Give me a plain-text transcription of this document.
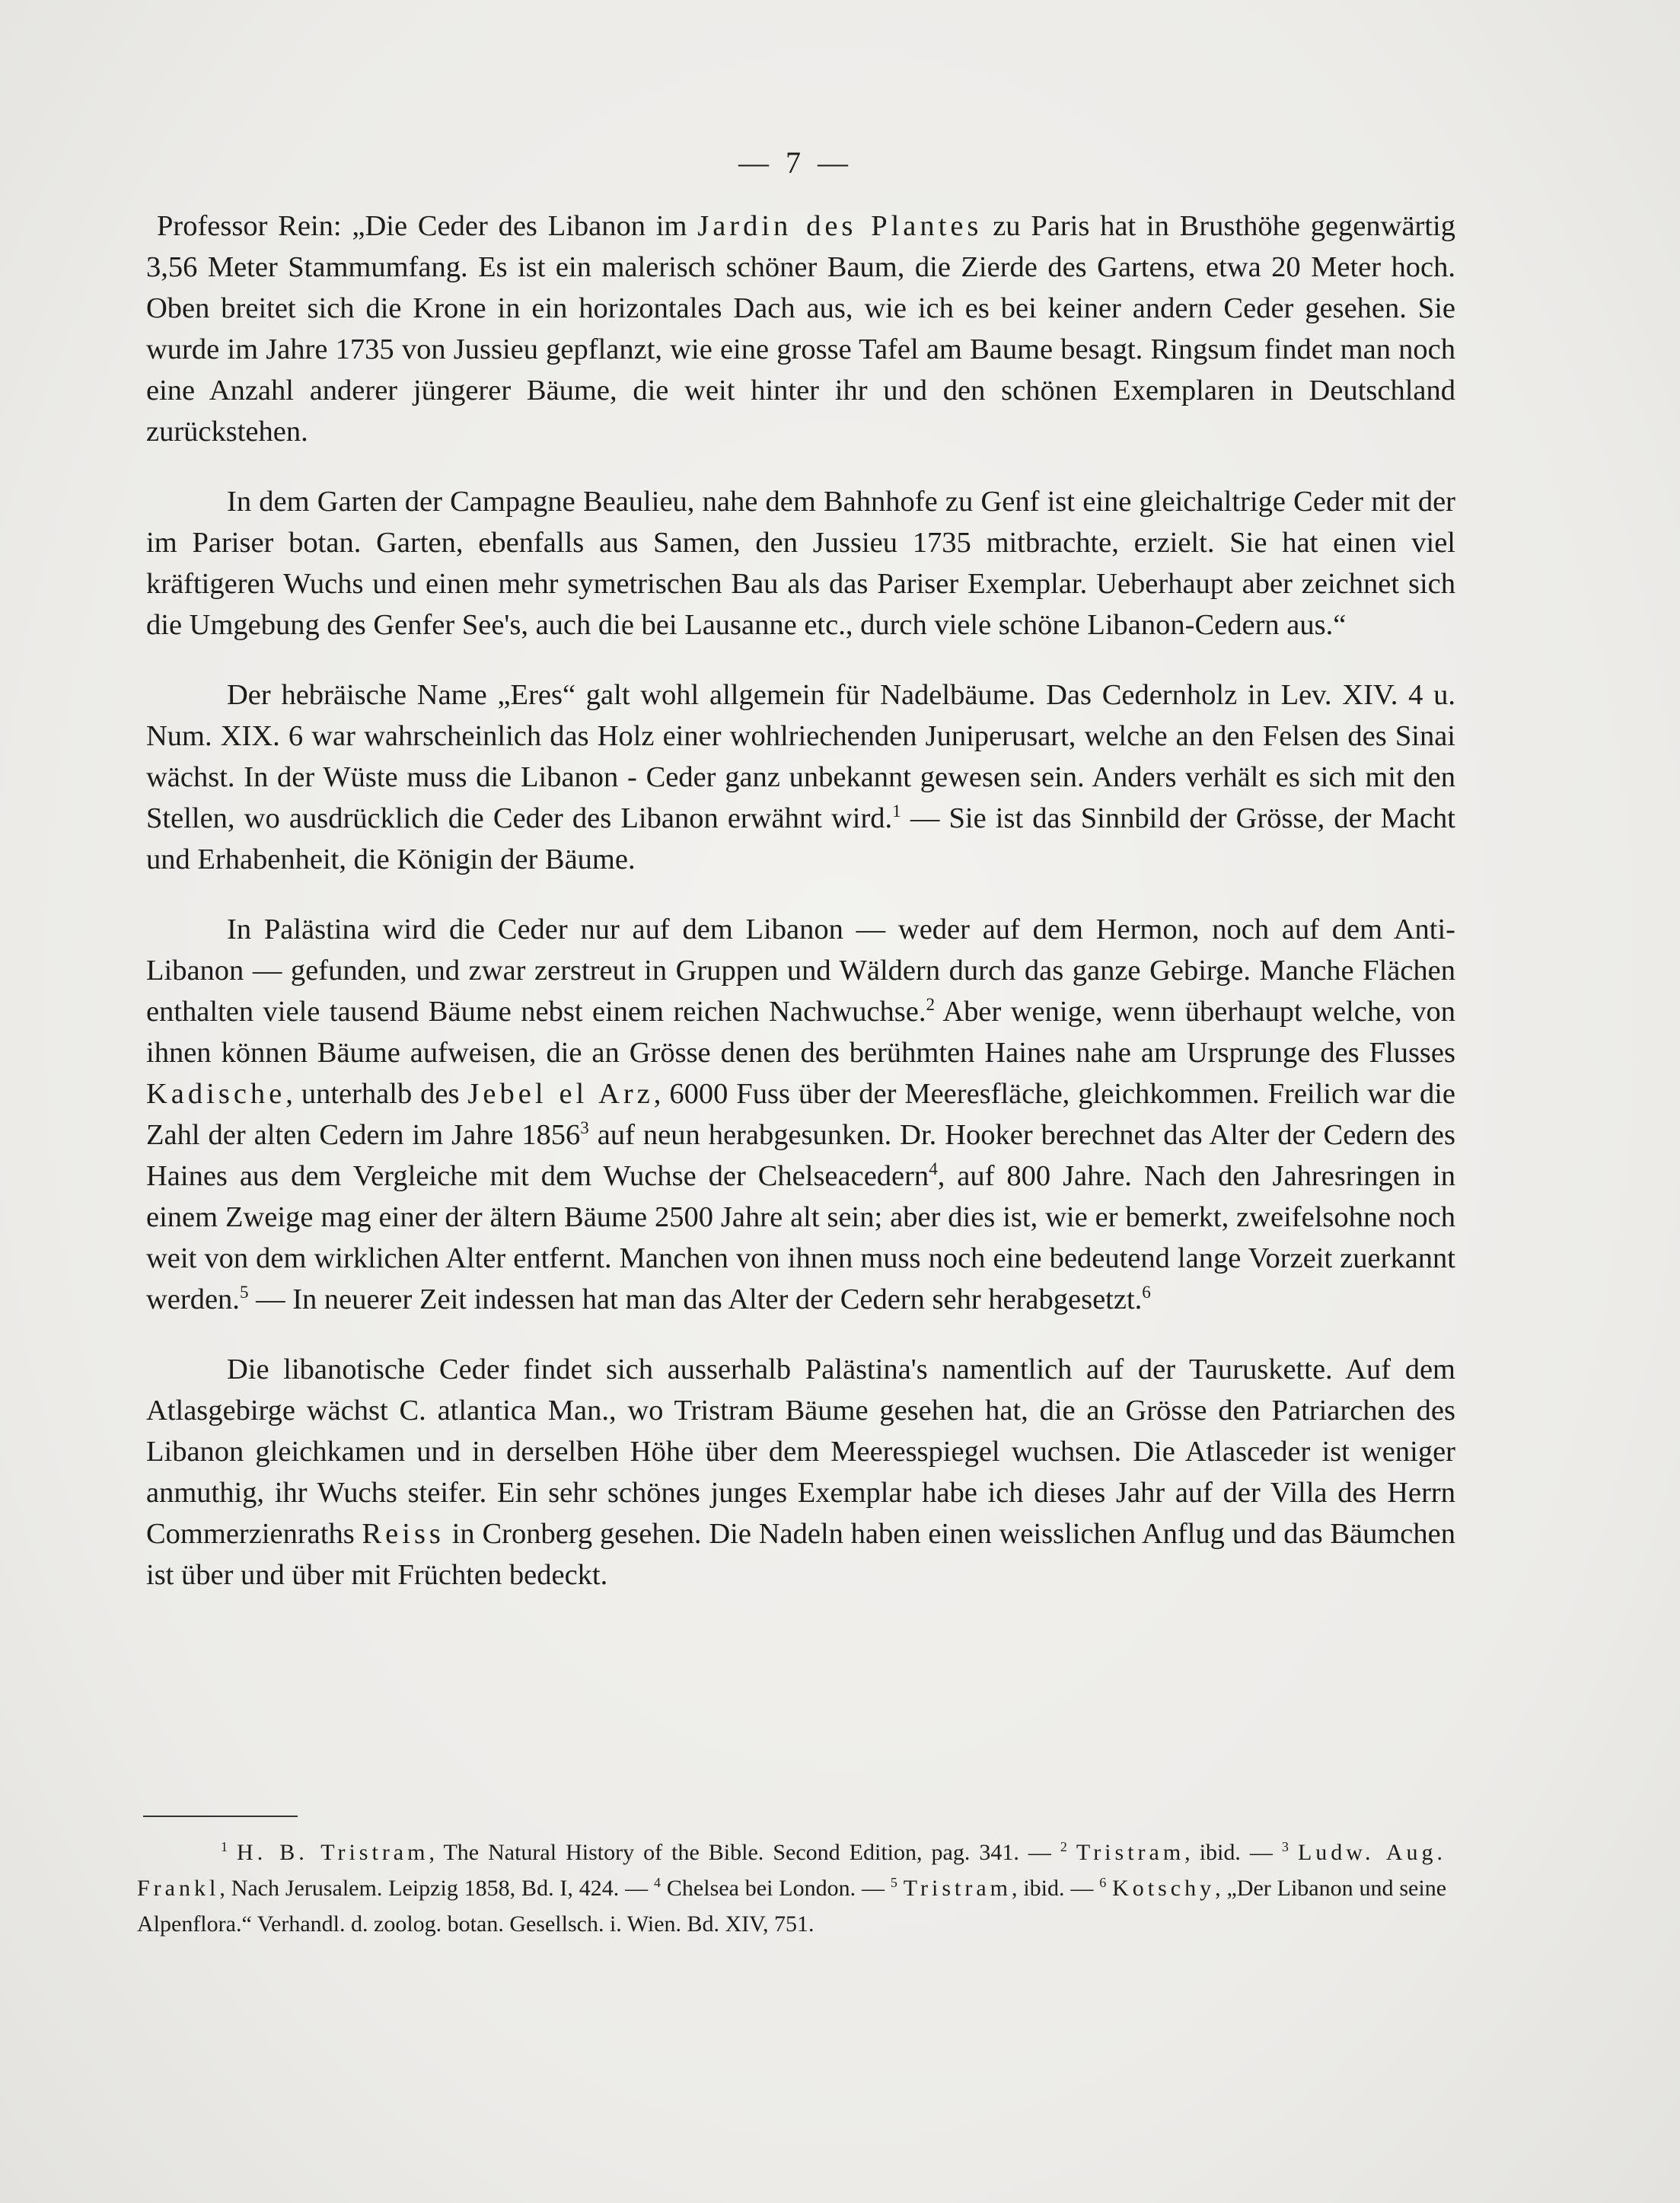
— 7 —

Professor Rein: „Die Ceder des Libanon im Jardin des Plantes zu Paris hat in Brusthöhe gegenwärtig 3,56 Meter Stammumfang. Es ist ein malerisch schöner Baum, die Zierde des Gartens, etwa 20 Meter hoch. Oben breitet sich die Krone in ein horizontales Dach aus, wie ich es bei keiner andern Ceder gesehen. Sie wurde im Jahre 1735 von Jussieu gepflanzt, wie eine grosse Tafel am Baume besagt. Ringsum findet man noch eine Anzahl anderer jüngerer Bäume, die weit hinter ihr und den schönen Exemplaren in Deutschland zurückstehen.

In dem Garten der Campagne Beaulieu, nahe dem Bahnhofe zu Genf ist eine gleichaltrige Ceder mit der im Pariser botan. Garten, ebenfalls aus Samen, den Jussieu 1735 mitbrachte, erzielt. Sie hat einen viel kräftigeren Wuchs und einen mehr symetrischen Bau als das Pariser Exemplar. Ueberhaupt aber zeichnet sich die Umgebung des Genfer See's, auch die bei Lausanne etc., durch viele schöne Libanon-Cedern aus.“

Der hebräische Name „Eres“ galt wohl allgemein für Nadelbäume. Das Cedernholz in Lev. XIV. 4 u. Num. XIX. 6 war wahrscheinlich das Holz einer wohlriechenden Juniperusart, welche an den Felsen des Sinai wächst. In der Wüste muss die Libanon - Ceder ganz unbekannt gewesen sein. Anders verhält es sich mit den Stellen, wo ausdrücklich die Ceder des Libanon erwähnt wird.$^1$ — Sie ist das Sinnbild der Grösse, der Macht und Erhabenheit, die Königin der Bäume.

In Palästina wird die Ceder nur auf dem Libanon — weder auf dem Hermon, noch auf dem Anti-Libanon — gefunden, und zwar zerstreut in Gruppen und Wäldern durch das ganze Gebirge. Manche Flächen enthalten viele tausend Bäume nebst einem reichen Nachwuchse.$^2$ Aber wenige, wenn überhaupt welche, von ihnen können Bäume aufweisen, die an Grösse denen des berühmten Haines nahe am Ursprunge des Flusses Kadische, unterhalb des Jebel el Arz, 6000 Fuss über der Meeresfläche, gleichkommen. Freilich war die Zahl der alten Cedern im Jahre 1856$^3$ auf neun herabgesunken. Dr. Hooker berechnet das Alter der Cedern des Haines aus dem Vergleiche mit dem Wuchse der Chelseacedern$^4$, auf 800 Jahre. Nach den Jahresringen in einem Zweige mag einer der ältern Bäume 2500 Jahre alt sein; aber dies ist, wie er bemerkt, zweifelsohne noch weit von dem wirklichen Alter entfernt. Manchen von ihnen muss noch eine bedeutend lange Vorzeit zuerkannt werden.$^5$ — In neuerer Zeit indessen hat man das Alter der Cedern sehr herabgesetzt.$^6$

Die libanotische Ceder findet sich ausserhalb Palästina's namentlich auf der Tauruskette. Auf dem Atlasgebirge wächst C. atlantica Man., wo Tristram Bäume gesehen hat, die an Grösse den Patriarchen des Libanon gleichkamen und in derselben Höhe über dem Meeresspiegel wuchsen. Die Atlasceder ist weniger anmuthig, ihr Wuchs steifer. Ein sehr schönes junges Exemplar habe ich dieses Jahr auf der Villa des Herrn Commerzienraths Reiss in Cronberg gesehen. Die Nadeln haben einen weisslichen Anflug und das Bäumchen ist über und über mit Früchten bedeckt.

$^1$ H. B. Tristram, The Natural History of the Bible. Second Edition, pag. 341. — $^2$ Tristram, ibid. — $^3$ Ludw. Aug. Frankl, Nach Jerusalem. Leipzig 1858, Bd. I, 424. — $^4$ Chelsea bei London. — $^5$ Tristram, ibid. — $^6$ Kotschy, „Der Libanon und seine Alpenflora.“ Verhandl. d. zoolog. botan. Gesellsch. i. Wien. Bd. XIV, 751.
